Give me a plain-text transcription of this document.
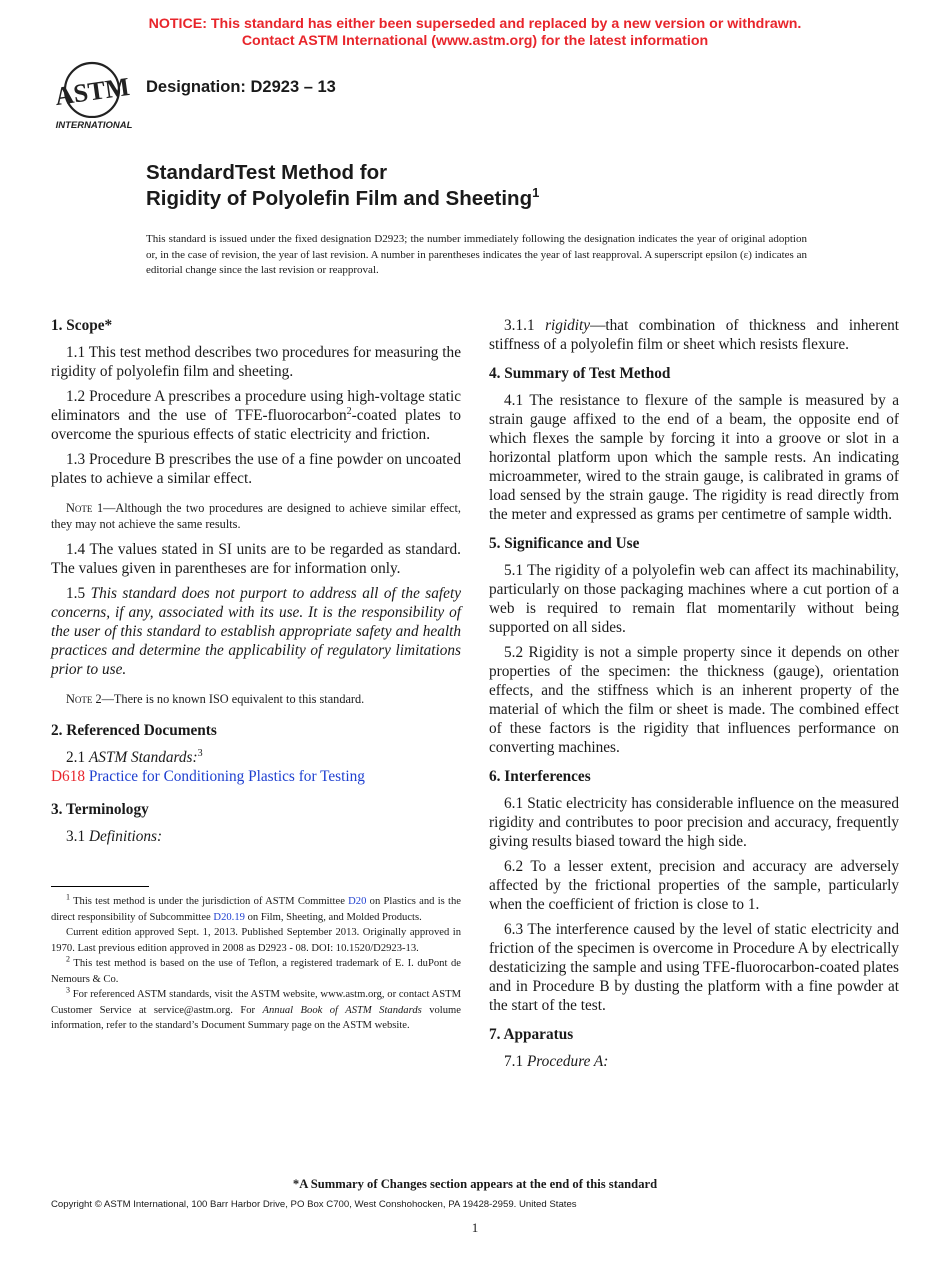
NOTICE: This standard has either been superseded and replaced by a new version or withdrawn.
Contact ASTM International (www.astm.org) for the latest information
ASTM
INTERNATIONAL
Designation: D2923 – 13
StandardTest Method for
Rigidity of Polyolefin Film and Sheeting$^1$
This standard is issued under the fixed designation D2923; the number immediately following the designation indicates the year of original adoption or, in the case of revision, the year of last revision. A number in parentheses indicates the year of last reapproval. A superscript epsilon (ε) indicates an editorial change since the last revision or reapproval.
1. Scope*
1.1 This test method describes two procedures for measuring the rigidity of polyolefin film and sheeting.
1.2 Procedure A prescribes a procedure using high-voltage static eliminators and the use of TFE-fluorocarbon$^2$-coated plates to overcome the spurious effects of static electricity and friction.
1.3 Procedure B prescribes the use of a fine powder on uncoated plates to achieve a similar effect.
Note 1—Although the two procedures are designed to achieve similar effect, they may not achieve the same results.
1.4 The values stated in SI units are to be regarded as standard. The values given in parentheses are for information only.
1.5 This standard does not purport to address all of the safety concerns, if any, associated with its use. It is the responsibility of the user of this standard to establish appropriate safety and health practices and determine the applicability of regulatory limitations prior to use.
Note 2—There is no known ISO equivalent to this standard.
2. Referenced Documents
2.1 ASTM Standards:$^3$
D618 Practice for Conditioning Plastics for Testing
3. Terminology
3.1 Definitions:

$^1$ This test method is under the jurisdiction of ASTM Committee D20 on Plastics and is the direct responsibility of Subcommittee D20.19 on Film, Sheeting, and Molded Products.

Current edition approved Sept. 1, 2013. Published September 2013. Originally approved in 1970. Last previous edition approved in 2008 as D2923 - 08. DOI: 10.1520/D2923-13.

$^2$ This test method is based on the use of Teflon, a registered trademark of E. I. duPont de Nemours & Co.

$^3$ For referenced ASTM standards, visit the ASTM website, www.astm.org, or contact ASTM Customer Service at service@astm.org. For Annual Book of ASTM Standards volume information, refer to the standard’s Document Summary page on the ASTM website.

3.1.1 rigidity—that combination of thickness and inherent stiffness of a polyolefin film or sheet which resists flexure.
4. Summary of Test Method
4.1 The resistance to flexure of the sample is measured by a strain gauge affixed to the end of a beam, the opposite end of which flexes the sample by forcing it into a groove or slot in a horizontal platform upon which the sample rests. An indicating microammeter, wired to the strain gauge, is calibrated in grams of load sensed by the strain gauge. The rigidity is read directly from the meter and expressed as grams per centimetre of sample width.
5. Significance and Use
5.1 The rigidity of a polyolefin web can affect its machinability, particularly on those packaging machines where a cut portion of a web is required to remain flat momentarily without being supported on all sides.
5.2 Rigidity is not a simple property since it depends on other properties of the specimen: the thickness (gauge), orientation effects, and the stiffness which is an inherent property of the material of which the film or sheet is made. The combined effect of these factors is the rigidity that influences performance on converting machines.
6. Interferences
6.1 Static electricity has considerable influence on the measured rigidity and contributes to poor precision and accuracy, frequently giving results biased toward the high side.
6.2 To a lesser extent, precision and accuracy are adversely affected by the frictional properties of the sample, particularly when the coefficient of friction is close to 1.
6.3 The interference caused by the level of static electricity and friction of the specimen is overcome in Procedure A by electrically destaticizing the sample and using TFE-fluorocarbon-coated plates and in Procedure B by dusting the platform with a fine powder at the start of the test.
7. Apparatus
7.1 Procedure A:
*A Summary of Changes section appears at the end of this standard
Copyright © ASTM International, 100 Barr Harbor Drive, PO Box C700, West Conshohocken, PA 19428-2959. United States
1
